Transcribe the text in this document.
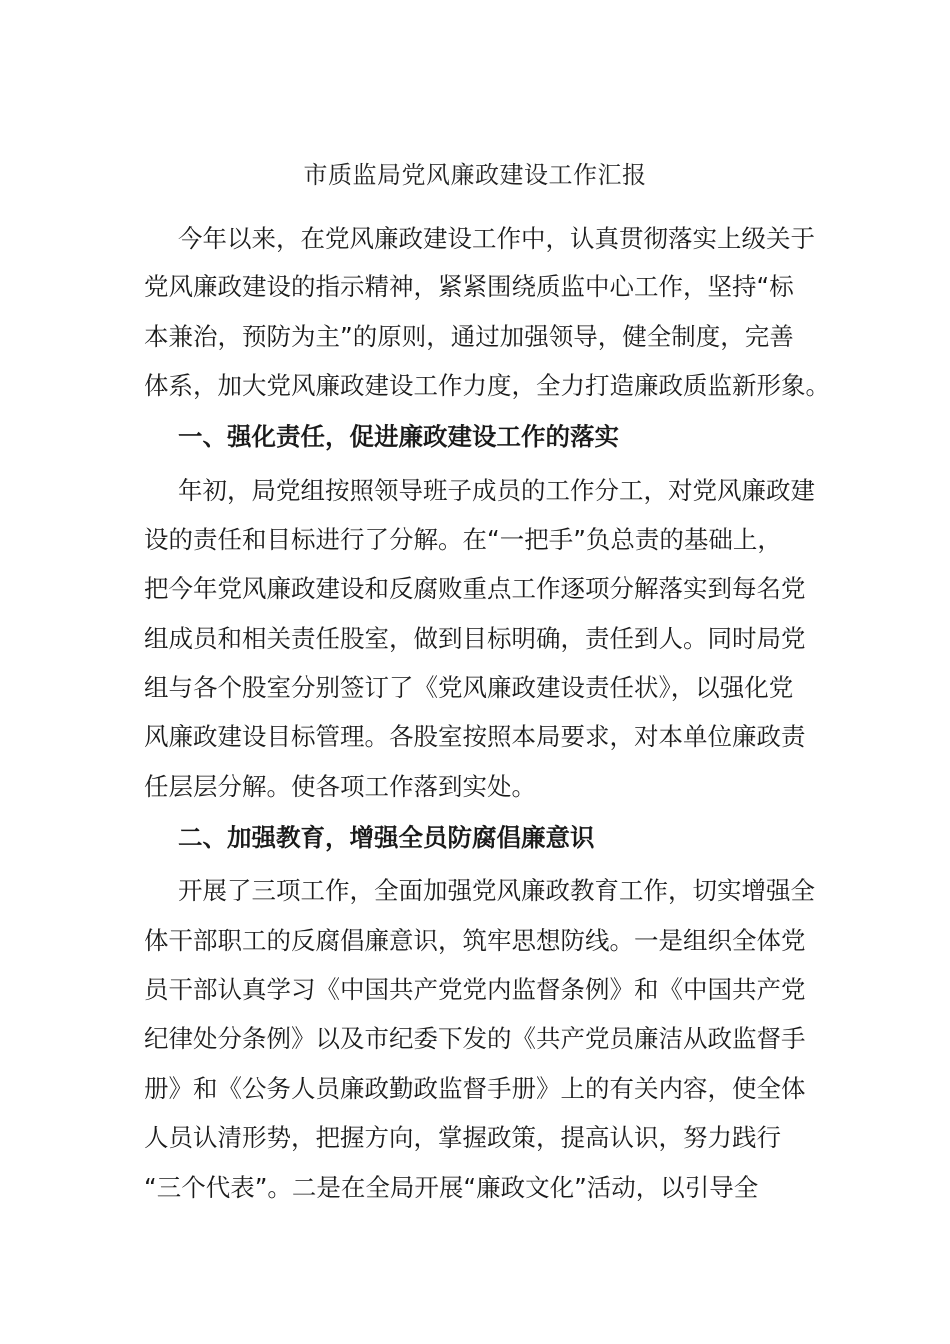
市质监局党风廉政建设工作汇报
今年以来，在党风廉政建设工作中，认真贯彻落实上级关于
党风廉政建设的指示精神，紧紧围绕质监中心工作，坚持“标
本兼治，预防为主”的原则，通过加强领导，健全制度，完善
体系，加大党风廉政建设工作力度，全力打造廉政质监新形象。
一、强化责任，促进廉政建设工作的落实
年初，局党组按照领导班子成员的工作分工，对党风廉政建
设的责任和目标进行了分解。在“一把手”负总责的基础上，
把今年党风廉政建设和反腐败重点工作逐项分解落实到每名党
组成员和相关责任股室，做到目标明确，责任到人。同时局党
组与各个股室分别签订了《党风廉政建设责任状》，以强化党
风廉政建设目标管理。各股室按照本局要求，对本单位廉政责
任层层分解。使各项工作落到实处。
二、加强教育，增强全员防腐倡廉意识
开展了三项工作，全面加强党风廉政教育工作，切实增强全
体干部职工的反腐倡廉意识，筑牢思想防线。一是组织全体党
员干部认真学习《中国共产党党内监督条例》和《中国共产党
纪律处分条例》以及市纪委下发的《共产党员廉洁从政监督手
册》和《公务人员廉政勤政监督手册》上的有关内容，使全体
人员认清形势，把握方向，掌握政策，提高认识，努力践行
“三个代表”。二是在全局开展“廉政文化”活动，以引导全
